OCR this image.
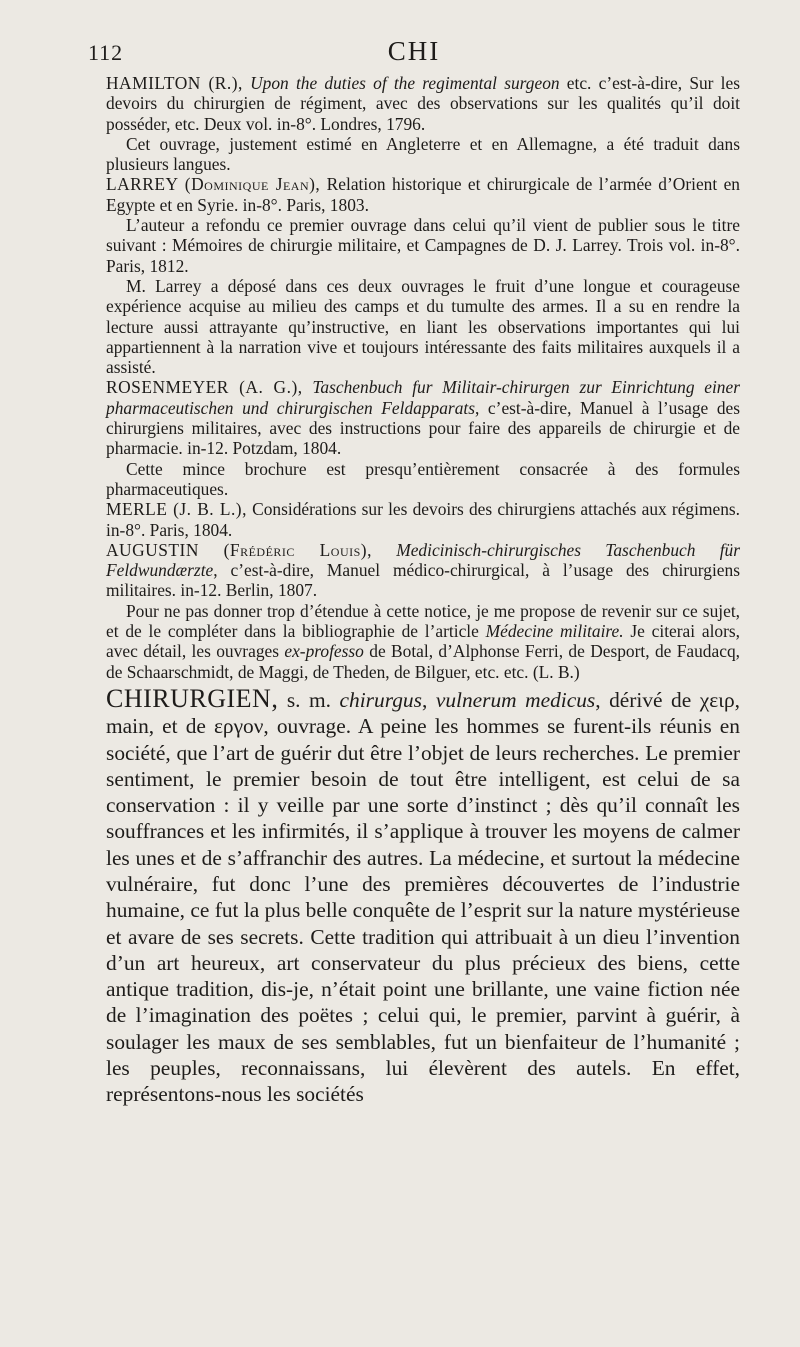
112	CHI

HAMILTON (R.), Upon the duties of the regimental surgeon etc. c’est-à-dire, Sur les devoirs du chirurgien de régiment, avec des observations sur les qualités qu’il doit posséder, etc. Deux vol. in-8°. Londres, 1796.

Cet ouvrage, justement estimé en Angleterre et en Allemagne, a été traduit dans plusieurs langues.

LARREY (Dominique Jean), Relation historique et chirurgicale de l’armée d’Orient en Egypte et en Syrie. in-8°. Paris, 1803.

L’auteur a refondu ce premier ouvrage dans celui qu’il vient de publier sous le titre suivant : Mémoires de chirurgie militaire, et Campagnes de D. J. Larrey. Trois vol. in-8°. Paris, 1812.

M. Larrey a déposé dans ces deux ouvrages le fruit d’une longue et courageuse expérience acquise au milieu des camps et du tumulte des armes. Il a su en rendre la lecture aussi attrayante qu’instructive, en liant les observations importantes qui lui appartiennent à la narration vive et toujours intéressante des faits militaires auxquels il a assisté.

ROSENMEYER (A. G.), Taschenbuch fur Militair-chirurgen zur Einrichtung einer pharmaceutischen und chirurgischen Feldapparats, c’est-à-dire, Manuel à l’usage des chirurgiens militaires, avec des instructions pour faire des appareils de chirurgie et de pharmacie. in-12. Potzdam, 1804.

Cette mince brochure est presqu’entièrement consacrée à des formules pharmaceutiques.

MERLE (J. B. L.), Considérations sur les devoirs des chirurgiens attachés aux régimens. in-8°. Paris, 1804.

AUGUSTIN (Frédéric Louis), Medicinisch-chirurgisches Taschenbuch für Feldwundærzte, c’est-à-dire, Manuel médico-chirurgical, à l’usage des chirurgiens militaires. in-12. Berlin, 1807.

Pour ne pas donner trop d’étendue à cette notice, je me propose de revenir sur ce sujet, et de le compléter dans la bibliographie de l’article Médecine militaire. Je citerai alors, avec détail, les ouvrages ex-professo de Botal, d’Alphonse Ferri, de Desport, de Faudacq, de Schaarschmidt, de Maggi, de Theden, de Bilguer, etc. etc. (L. B.)

CHIRURGIEN, s. m. chirurgus, vulnerum medicus, dérivé de χειρ, main, et de εργον, ouvrage. A peine les hommes se furent-ils réunis en société, que l’art de guérir dut être l’objet de leurs recherches. Le premier sentiment, le premier besoin de tout être intelligent, est celui de sa conservation : il y veille par une sorte d’instinct ; dès qu’il connaît les souffrances et les infirmités, il s’applique à trouver les moyens de calmer les unes et de s’affranchir des autres. La médecine, et surtout la médecine vulnéraire, fut donc l’une des premières découvertes de l’industrie humaine, ce fut la plus belle conquête de l’esprit sur la nature mystérieuse et avare de ses secrets. Cette tradition qui attribuait à un dieu l’invention d’un art heureux, art conservateur du plus précieux des biens, cette antique tradition, dis-je, n’était point une brillante, une vaine fiction née de l’imagination des poëtes ; celui qui, le premier, parvint à guérir, à soulager les maux de ses semblables, fut un bienfaiteur de l’humanité ; les peuples, reconnaissans, lui élevèrent des autels. En effet, représentons-nous les sociétés
